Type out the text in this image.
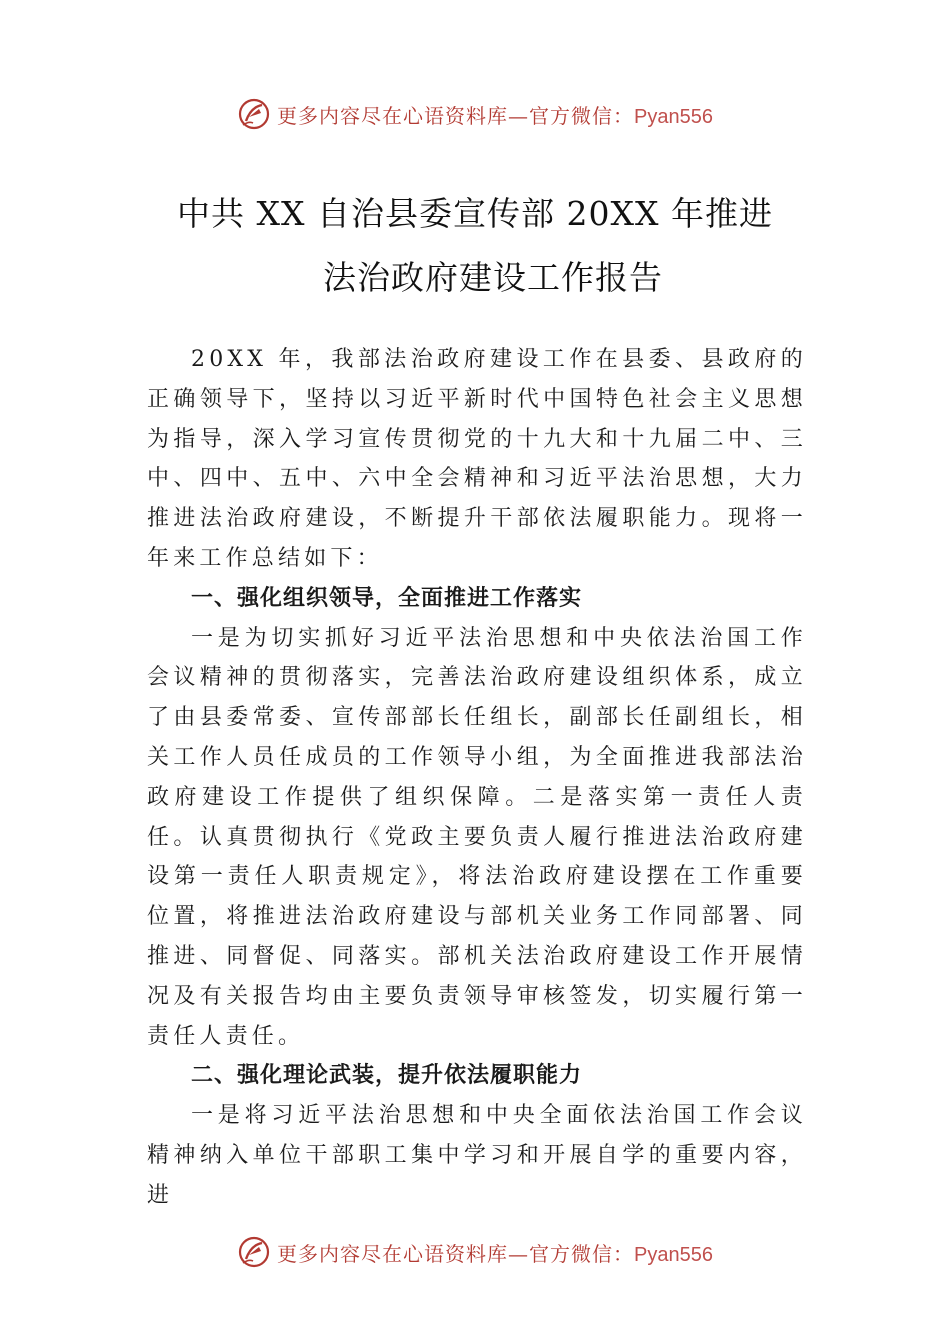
更多内容尽在心语资料库—官方微信：Pyan556
中共 XX 自治县委宣传部 20XX 年推进
法治政府建设工作报告

20XX 年，我部法治政府建设工作在县委、县政府的正确领导下，坚持以习近平新时代中国特色社会主义思想为指导，深入学习宣传贯彻党的十九大和十九届二中、三中、四中、五中、六中全会精神和习近平法治思想，大力推进法治政府建设，不断提升干部依法履职能力。现将一年来工作总结如下：

一、强化组织领导，全面推进工作落实

一是为切实抓好习近平法治思想和中央依法治国工作会议精神的贯彻落实，完善法治政府建设组织体系，成立了由县委常委、宣传部部长任组长，副部长任副组长，相关工作人员任成员的工作领导小组，为全面推进我部法治政府建设工作提供了组织保障。二是落实第一责任人责任。认真贯彻执行《党政主要负责人履行推进法治政府建设第一责任人职责规定》，将法治政府建设摆在工作重要位置，将推进法治政府建设与部机关业务工作同部署、同推进、同督促、同落实。部机关法治政府建设工作开展情况及有关报告均由主要负责领导审核签发，切实履行第一责任人责任。

二、强化理论武装，提升依法履职能力

一是将习近平法治思想和中央全面依法治国工作会议精神纳入单位干部职工集中学习和开展自学的重要内容，进

更多内容尽在心语资料库—官方微信：Pyan556
